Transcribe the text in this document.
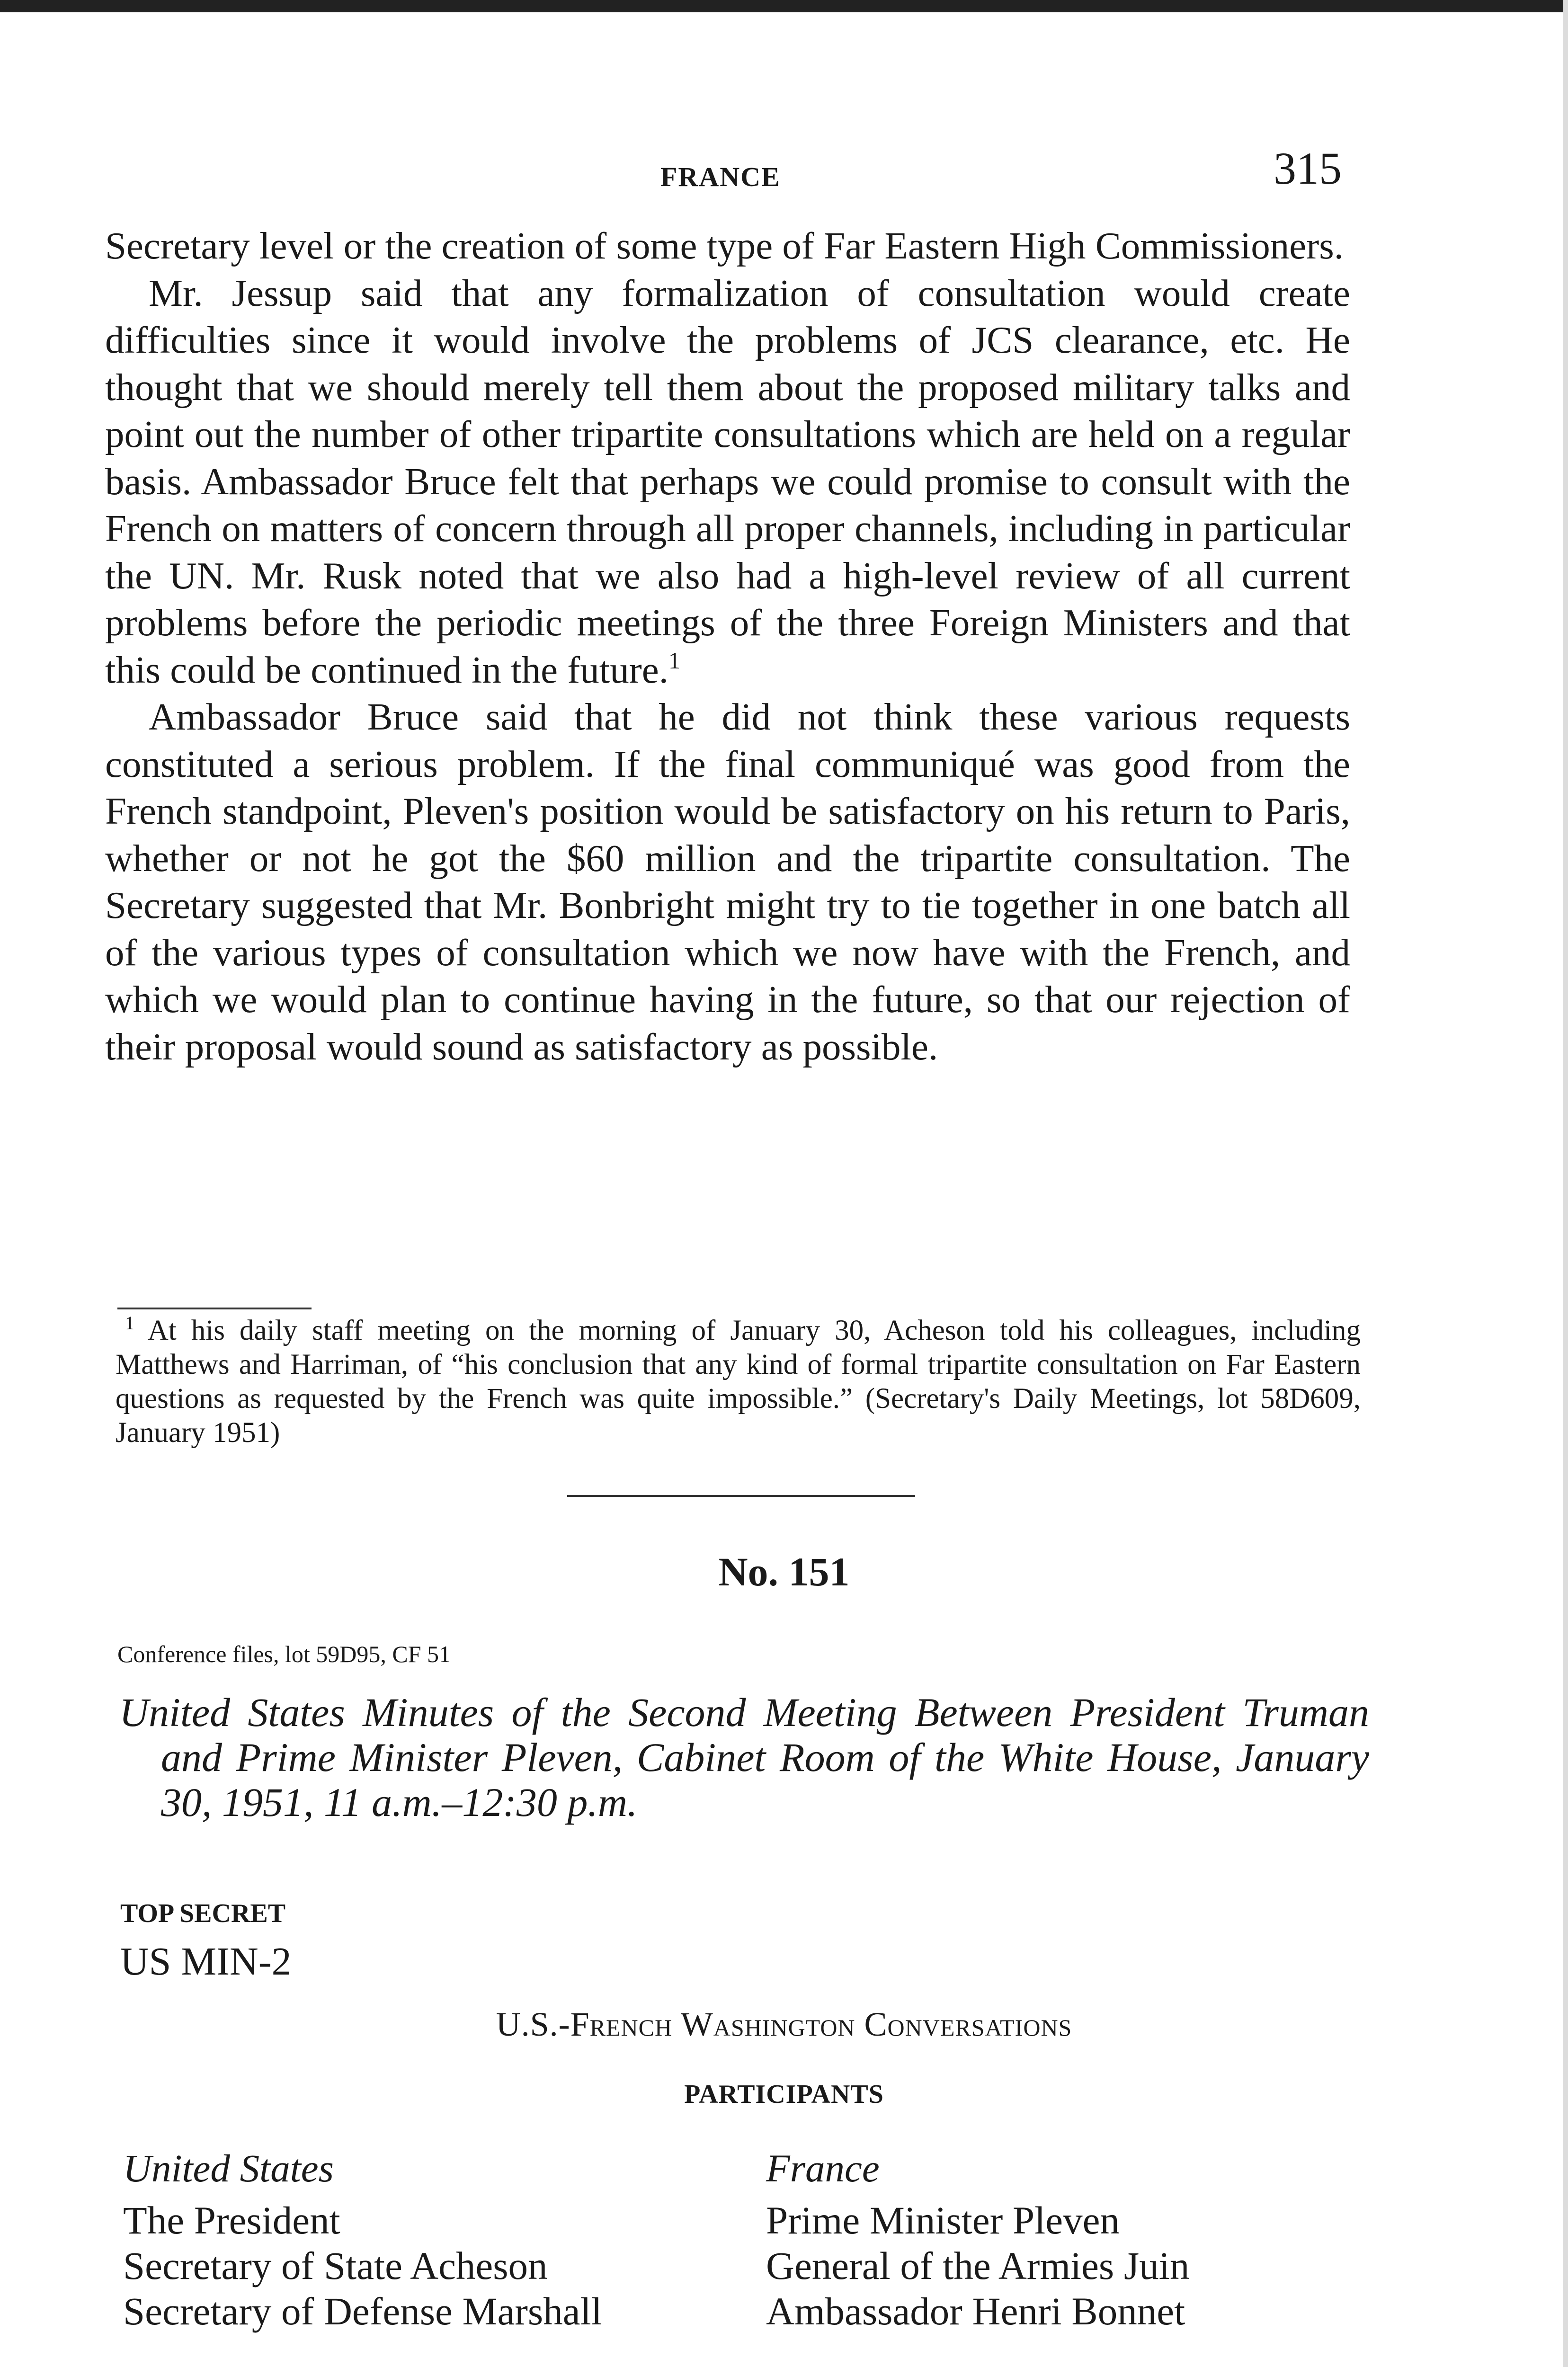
FRANCE	315

Secretary level or the creation of some type of Far Eastern High Commissioners.

Mr. Jessup said that any formalization of consultation would create difficulties since it would involve the problems of JCS clearance, etc. He thought that we should merely tell them about the proposed military talks and point out the number of other tripartite consultations which are held on a regular basis. Ambassador Bruce felt that perhaps we could promise to consult with the French on matters of concern through all proper channels, including in particular the UN. Mr. Rusk noted that we also had a high-level review of all current problems before the periodic meetings of the three Foreign Ministers and that this could be continued in the future.$^1$

Ambassador Bruce said that he did not think these various requests constituted a serious problem. If the final communiqué was good from the French standpoint, Pleven's position would be satisfactory on his return to Paris, whether or not he got the $60 million and the tripartite consultation. The Secretary suggested that Mr. Bonbright might try to tie together in one batch all of the various types of consultation which we now have with the French, and which we would plan to continue having in the future, so that our rejection of their proposal would sound as satisfactory as possible.

$^1$ At his daily staff meeting on the morning of January 30, Acheson told his colleagues, including Matthews and Harriman, of “his conclusion that any kind of formal tripartite consultation on Far Eastern questions as requested by the French was quite impossible.” (Secretary's Daily Meetings, lot 58D609, January 1951)
No. 151
Conference files, lot 59D95, CF 51
United States Minutes of the Second Meeting Between President Truman and Prime Minister Pleven, Cabinet Room of the White House, January 30, 1951, 11 a.m.–12:30 p.m.
TOP SECRET
US MIN-2
U.S.-French Washington Conversations
PARTICIPANTS
United States
The President
Secretary of State Acheson
Secretary of Defense Marshall
France
Prime Minister Pleven
General of the Armies Juin
Ambassador Henri Bonnet
